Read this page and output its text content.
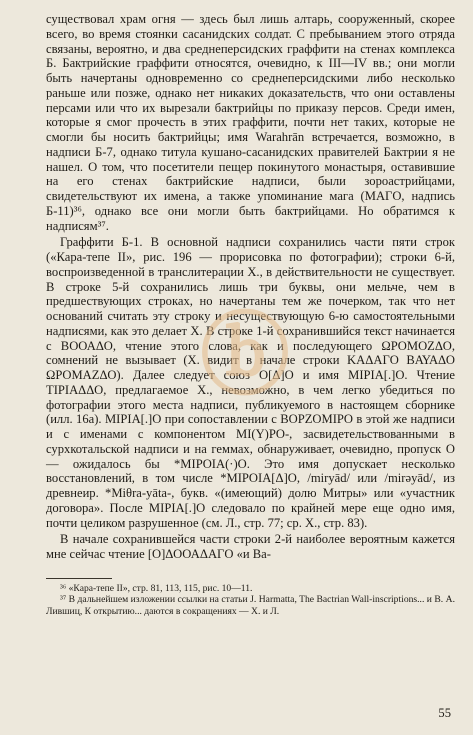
ⓑ

существовал храм огня — здесь был лишь алтарь, сооруженный, скорее всего, во время стоянки сасанидских солдат. С пребыванием этого отряда связаны, вероятно, и два среднеперсидских граффити на стенах комплекса Б. Бактрийские граффити относятся, очевидно, к III—IV вв.; они могли быть начертаны одновременно со среднеперсидскими либо несколько раньше или позже, однако нет никаких доказательств, что они оставлены персами или что их вырезали бактрийцы по приказу персов. Среди имен, которые я смог прочесть в этих граффити, почти нет таких, которые не смогли бы носить бактрийцы; имя Warahrān встречается, возможно, в надписи Б-7, однако титула кушано-сасанидских правителей Бактрии я не нашел. О том, что посетители пещер покинутого монастыря, оставившие на его стенах бактрийские надписи, были зороастрийцами, свидетельствуют их имена, а также упоминание мага (ΜΑΓΟ, надпись Б-11)³⁶, однако все они могли быть бактрийцами. Но обратимся к надписям³⁷.

Граффити Б-1. В основной надписи сохранились части пяти строк («Кара-тепе II», рис. 196 — прорисовка по фотографии); строки 6-й, воспроизведенной в транслитерации Х., в действительности не существует. В строке 5-й сохранились лишь три буквы, они мельче, чем в предшествующих строках, но начертаны тем же почерком, так что нет оснований считать эту строку и несуществующую 6-ю самостоятельными надписями, как это делает Х. В строке 1-й сохранившийся текст начинается с ΒΟΟΑΔΟ, чтение этого слова, как и последующего ΩΡΟΜΟΖΔΟ, сомнений не вызывает (Х. видит в начале строки ΚΑΔΑΓΟ ΒΑΥΑΔΟ ΩΡΟΜΑΖΔΟ). Далее следует союз Ο[Δ]Ο и имя ΜΙΡΙΑ[.]Ο. Чтение ΤΙΡΙΑΔΔΟ, предлагаемое Х., невозможно, в чем легко убедиться по фотографии этого места надписи, публикуемого в настоящем сборнике (илл. 16а). ΜΙΡΙΑ[.]Ο при сопоставлении с ΒΟΡΖΟΜΙΡΟ в этой же надписи и с именами с компонентом ΜΙ(Υ)ΡΟ-, засвидетельствованными в сурхкотальской надписи и на геммах, обнаруживает, очевидно, пропуск Ο — ожидалось бы *ΜΙΡΟΙΑ(·)Ο. Это имя допускает несколько восстановлений, в том числе *ΜΙΡΟΙΑ[Δ]Ο, /miryād/ или /mirəyād/, из древнеир. *Miθra-yāta-, букв. «(имеющий) долю Митры» или «участник договора». После ΜΙΡΙΑ[.]Ο следовало по крайней мере еще одно имя, почти целиком разрушенное (см. Л., стр. 77; ср. Х., стр. 83).

В начале сохранившейся части строки 2-й наиболее вероятным кажется мне сейчас чтение [Ο]ΔΟΟΑΔΑΓΟ «и Ва-

³⁶ «Кара-тепе II», стр. 81, 113, 115, рис. 10—11.

³⁷ В дальнейшем изложении ссылки на статьи J. Harmatta, The Bactrian Wall-inscriptions... и В. А. Лившиц, К открытию... даются в сокращениях — Х. и Л.

55
